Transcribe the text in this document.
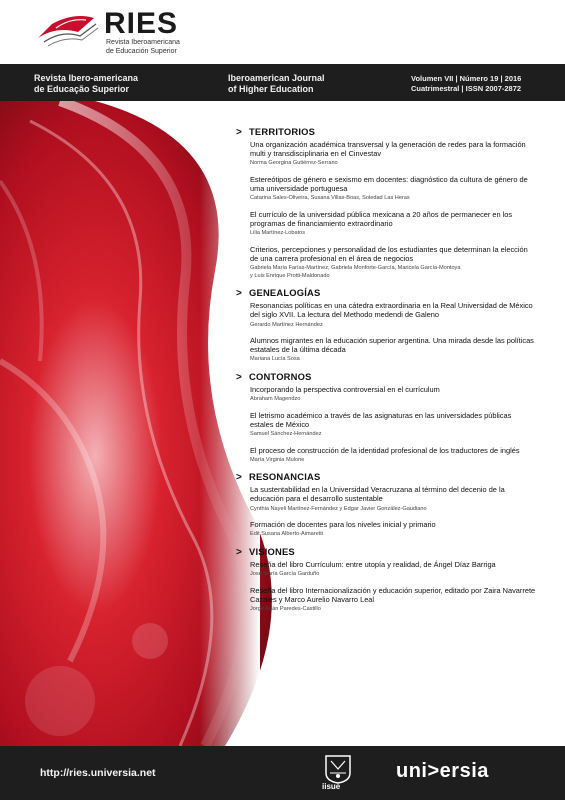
RIES
Revista Iberoamericana
de Educación Superior
Revista Ibero-americana
de Educação Superior
Iberoamerican Journal
of Higher Education
Volumen VII | Número 19 | 2016
Cuatrimestral | ISSN 2007-2872
> TERRITORIOS
Una organización académica transversal y la generación de redes para la formación multi y transdisciplinaria en el Cinvestav
Norma Georgina Gutiérrez-Serrano
Estereótipos de género e sexismo em docentes: diagnóstico da cultura de género de uma universidade portuguesa
Catarina Sales-Oliveira, Susana Villas-Boas, Soledad Las Heras
El currículo de la universidad pública mexicana a 20 años de permanecer en los programas de financiamiento extraordinario
Lilia Martínez-Lobatos
Criterios, percepciones y personalidad de los estudiantes que determinan la elección de una carrera profesional en el área de negocios
Gabriela María Farías-Martínez, Gabriela Monforte-García, Maricela García-Montoya
y Luis Enrique Protti-Maldonado
> GENEALOGÍAS
Resonancias políticas en una cátedra extraordinaria en la Real Universidad de México del siglo XVII. La lectura del Methodo medendi de Galeno
Gerardo Martínez Hernández
Alumnos migrantes en la educación superior argentina. Una mirada desde las políticas estatales de la última década
Mariana Lucía Sosa
> CONTORNOS
Incorporando la perspectiva controversial en el currículum
Abraham Magendzo
El letrismo académico a través de las asignaturas en las universidades públicas estales de México
Samuel Sánchez-Hernández
El proceso de construcción de la identidad profesional de los traductores de inglés
María Virginia Mulone
> RESONANCIAS
La sustentabilidad en la Universidad Veracruzana al término del decenio de la educación para el desarrollo sustentable
Cynthia Nayeli Martínez-Fernández y Edgar Javier González-Gaudiano
Formación de docentes para los niveles inicial y primario
Edit Susana Alberto-Aimaretti
> VISIONES
Reseña del libro Currículum: entre utopía y realidad, de Ángel Díaz Barriga
José María García Garduño
Reseña del libro Internacionalización y educación superior, editado por Zaira Navarrete Cazales y Marco Aurelio Navarro Leal
Jorge Adán Paredes-Castillo
http://ries.universia.net
iisue
uni>ersia
